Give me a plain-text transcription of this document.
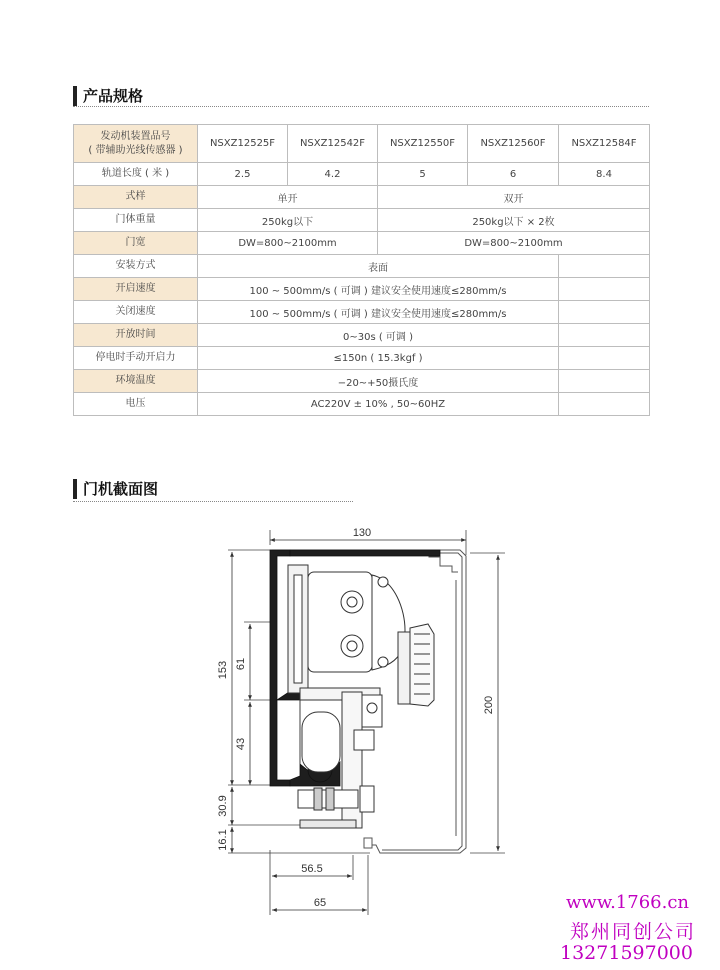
产品规格
发动机装置品号
( 带辅助光线传感器 )	NSXZ12525F	NSXZ12542F	NSXZ12550F	NSXZ12560F	NSXZ12584F
轨道长度 ( 米 )	2.5	4.2	5	6	8.4
式样	单开		双开		
门体重量	250kg以下		250kg以下 × 2枚		
门宽	DW=800~2100mm		DW=800~2100mm		
安装方式	表面				
开启速度	100 ~ 500mm/s ( 可调 ) 建议安全使用速度≤280mm/s				
关闭速度	100 ~ 500mm/s ( 可调 ) 建议安全使用速度≤280mm/s				
开放时间	0~30s ( 可调 )				
停电时手动开启力	≤150n ( 15.3kgf )				
环境温度	−20~+50摄氏度				
电压	AC220V ± 10% , 50~60HZ				
门机截面图
130
153 61
43
30.9
16.1
200
56.5
65	www.1766.cn
郑州同创公司
13271597000
